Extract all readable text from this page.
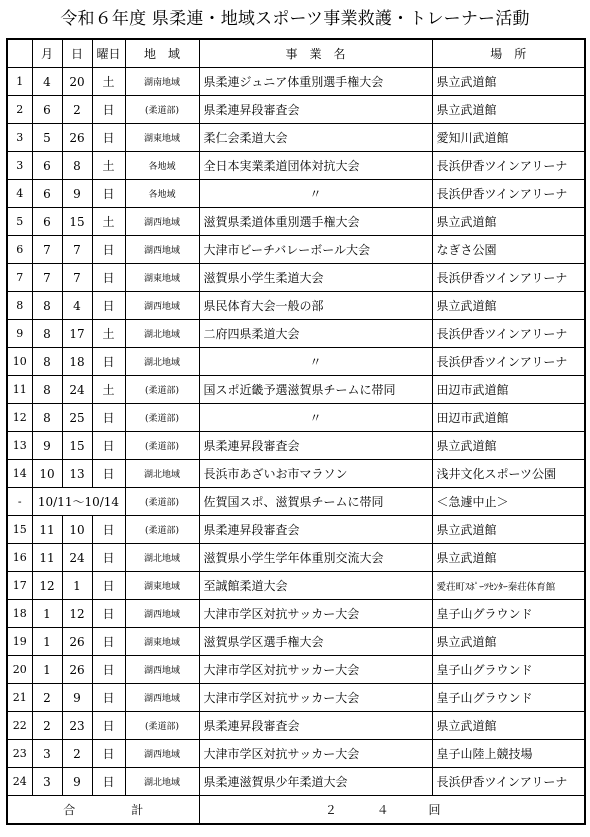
令和６年度 県柔連・地域スポーツ事業救護・トレーナー活動
	月	日	曜日	地　域	事　業　名	場　所
1	4	20	土	湖南地域	県柔連ジュニア体重別選手権大会	県立武道館
2	6	2	日	(柔道部)	県柔連昇段審査会	県立武道館
3	5	26	日	湖東地域	柔仁会柔道大会	愛知川武道館
3	6	8	土	各地域	全日本実業柔道団体対抗大会	長浜伊香ツインアリーナ
4	6	9	日	各地域	〃	長浜伊香ツインアリーナ
5	6	15	土	湖西地域	滋賀県柔道体重別選手権大会	県立武道館
6	7	7	日	湖西地域	大津市ビーチバレーボール大会	なぎさ公園
7	7	7	日	湖東地域	滋賀県小学生柔道大会	長浜伊香ツインアリーナ
8	8	4	日	湖西地域	県民体育大会一般の部	県立武道館
9	8	17	土	湖北地域	二府四県柔道大会	長浜伊香ツインアリーナ
10	8	18	日	湖北地域	〃	長浜伊香ツインアリーナ
11	8	24	土	(柔道部)	国スポ近畿予選滋賀県チームに帯同	田辺市武道館
12	8	25	日	(柔道部)	〃	田辺市武道館
13	9	15	日	(柔道部)	県柔連昇段審査会	県立武道館
14	10	13	日	湖北地域	長浜市あざいお市マラソン	浅井文化スポーツ公園
-	10/11～10/14			(柔道部)	佐賀国スポ、滋賀県チームに帯同	＜急遽中止＞
15	11	10	日	(柔道部)	県柔連昇段審査会	県立武道館
16	11	24	日	湖北地域	滋賀県小学生学年体重別交流大会	県立武道館
17	12	1	日	湖東地域	至誠館柔道大会	愛荘町ｽﾎﾟｰﾂｾﾝﾀｰ秦荘体育館
18	1	12	日	湖西地域	大津市学区対抗サッカー大会	皇子山グラウンド
19	1	26	日	湖東地域	滋賀県学区選手権大会	県立武道館
20	1	26	日	湖西地域	大津市学区対抗サッカー大会	皇子山グラウンド
21	2	9	日	湖西地域	大津市学区対抗サッカー大会	皇子山グラウンド
22	2	23	日	(柔道部)	県柔連昇段審査会	県立武道館
23	3	2	日	湖西地域	大津市学区対抗サッカー大会	皇子山陸上競技場
24	3	9	日	湖北地域	県柔連滋賀県少年柔道大会	長浜伊香ツインアリーナ
合　計					２ ４ 回	
